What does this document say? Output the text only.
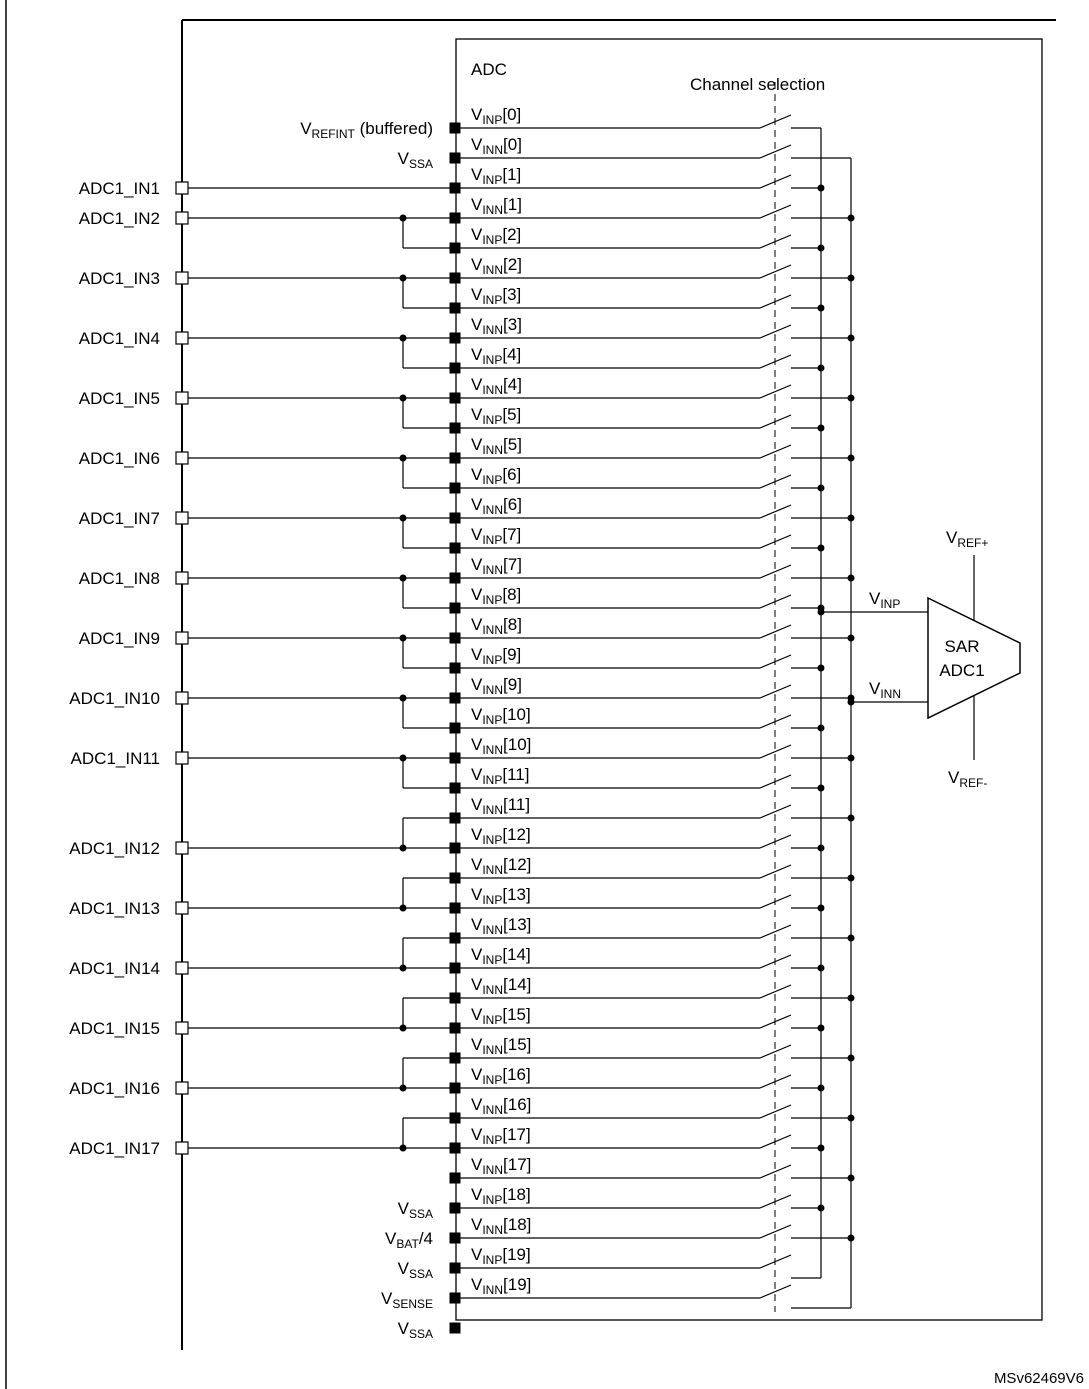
ADC
Channel selection
SAR
ADC1
$V_{REF+}$
$V_{REF-}$
$V_{INP}$
$V_{INN}$
$V_{INP}[0]$
$V_{INN}[0]$
$V_{INP}[1]$
$V_{INN}[1]$
$V_{INP}[2]$
$V_{INN}[2]$
$V_{INP}[3]$
$V_{INN}[3]$
$V_{INP}[4]$
$V_{INN}[4]$
$V_{INP}[5]$
$V_{INN}[5]$
$V_{INP}[6]$
$V_{INN}[6]$
$V_{INP}[7]$
$V_{INN}[7]$
$V_{INP}[8]$
$V_{INN}[8]$
$V_{INP}[9]$
$V_{INN}[9]$
$V_{INP}[10]$
$V_{INN}[10]$
$V_{INP}[11]$
$V_{INN}[11]$
$V_{INP}[12]$
$V_{INN}[12]$
$V_{INP}[13]$
$V_{INN}[13]$
$V_{INP}[14]$
$V_{INN}[14]$
$V_{INP}[15]$
$V_{INN}[15]$
$V_{INP}[16]$
$V_{INN}[16]$
$V_{INP}[17]$
$V_{INN}[17]$
$V_{INP}[18]$
$V_{INN}[18]$
$V_{INP}[19]$
$V_{INN}[19]$
ADC1_IN1
ADC1_IN2
ADC1_IN3
ADC1_IN4
ADC1_IN5
ADC1_IN6
ADC1_IN7
ADC1_IN8
ADC1_IN9
ADC1_IN10
ADC1_IN11
ADC1_IN12
ADC1_IN13
ADC1_IN14
ADC1_IN15
ADC1_IN16
ADC1_IN17
$V_{REFINT}$ (buffered)
$V_{SSA}$
$V_{SSA}$
$V_{BAT}/4$
$V_{SSA}$
$V_{SENSE}$
$V_{SSA}$
MSv62469V6
